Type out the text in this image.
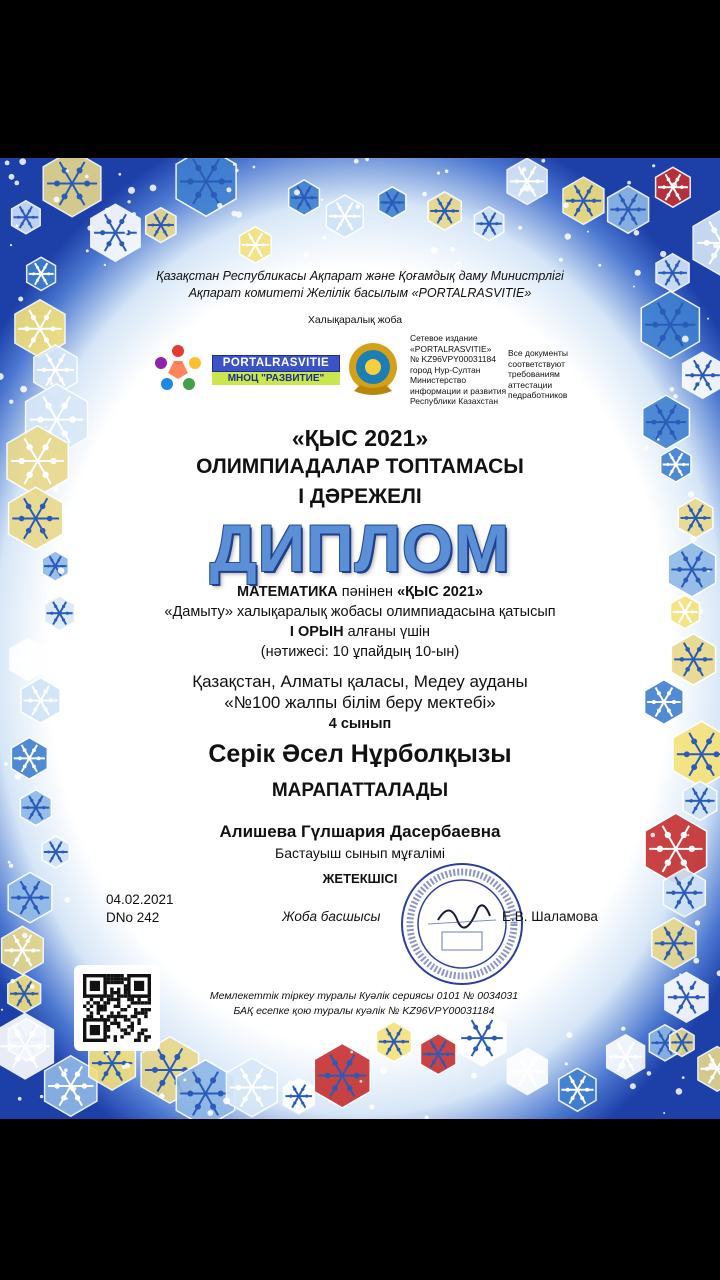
Қазақстан Республикасы Ақпарат және Қоғамдық даму Министрлігі
Ақпарат комитеті Желілік басылым «PORTALRASVITIE»
Халықаралық жоба
PORTALRASVITIE
МНОЦ "РАЗВИТИЕ"
Сетевое издание
«PORTALRASVITIE»
№ KZ96VPY00031184
город Нур-Султан
Министерство
информации и развития
Республики Казахстан
Все документы
соответствуют
требованиям
аттестации
педработников
«ҚЫС 2021»
ОЛИМПИАДАЛАР ТОПТАМАСЫ
І ДӘРЕЖЕЛІ
ДИПЛОМ
МАТЕМАТИКА пәнінен «ҚЫС 2021»
«Дамыту» халықаралық жобасы олимпиадасына қатысып
І ОРЫН алғаны үшін
(нәтижесі: 10 ұпайдың 10-ын)
Қазақстан, Алматы қаласы, Медеу ауданы
«№100 жалпы білім беру мектебі»
4 сынып
Серік Әсел Нұрболқызы
МАРАПАТТАЛАДЫ
Алишева Гүлшария Дасербаевна
Бастауыш сынып мұғалімі
ЖЕТЕКШІСІ
04.02.2021
DNo 242	Жоба басшысы	Е.В. Шаламова
Мемлекеттік тіркеу туралы Куәлік сериясы 0101 № 0034031
БАҚ есепке қою туралы куәлік № KZ96VPY00031184
